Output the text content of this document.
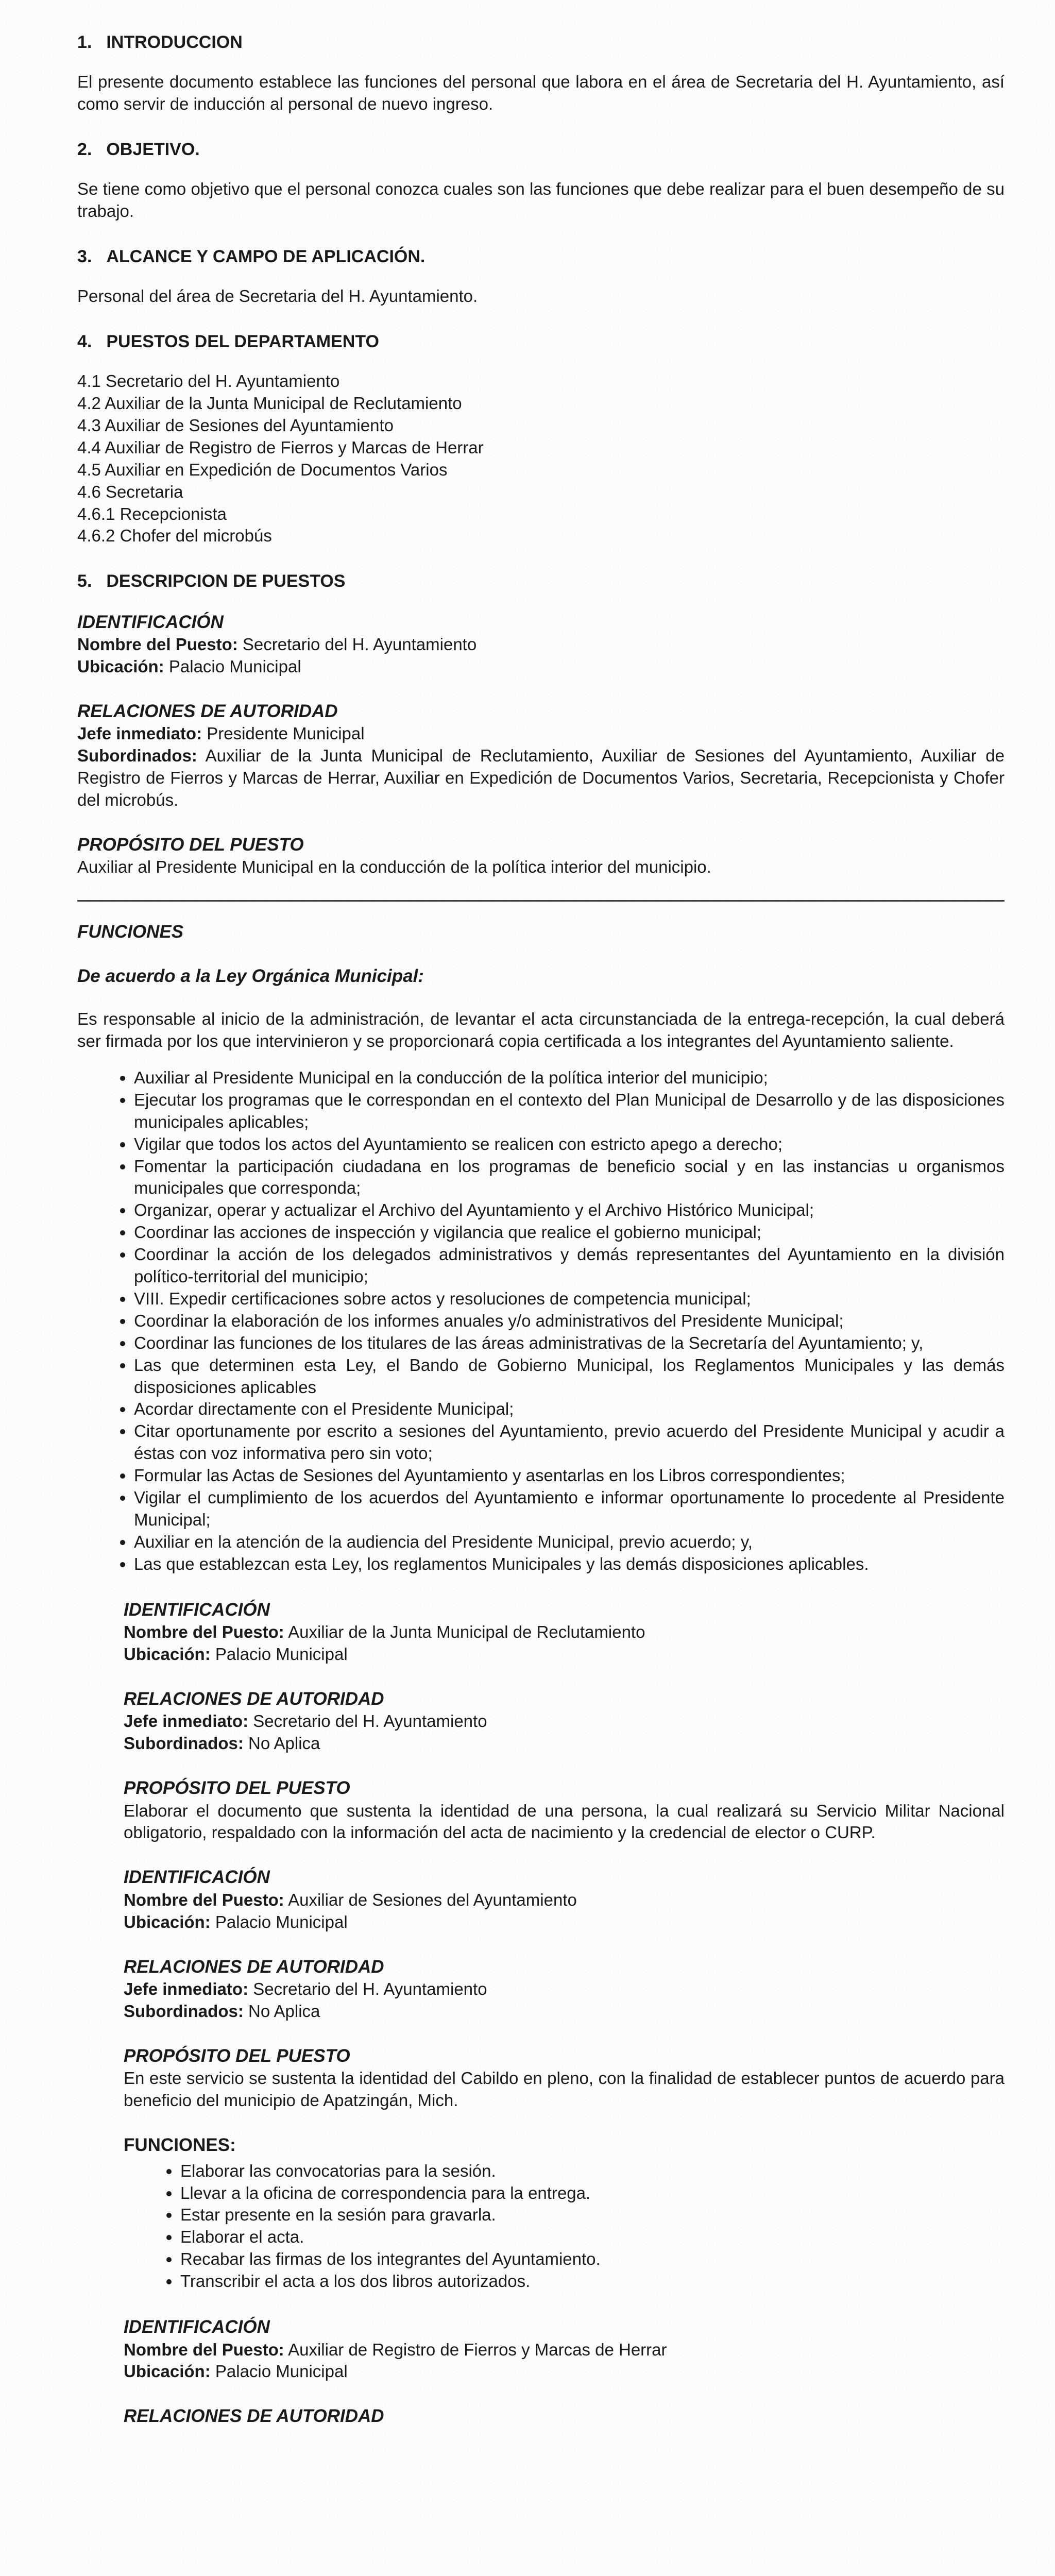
1. INTRODUCCION

El presente documento establece las funciones del personal que labora en el área de Secretaria del H. Ayuntamiento, así como servir de inducción al personal de nuevo ingreso.

2. OBJETIVO.

Se tiene como objetivo que el personal conozca cuales son las funciones que debe realizar para el buen desempeño de su trabajo.

3. ALCANCE Y CAMPO DE APLICACIÓN.

Personal del área de Secretaria del H. Ayuntamiento.

4. PUESTOS DEL DEPARTAMENTO
4.1 Secretario del H. Ayuntamiento
4.2 Auxiliar de la Junta Municipal de Reclutamiento
4.3 Auxiliar de Sesiones del Ayuntamiento
4.4 Auxiliar de Registro de Fierros y Marcas de Herrar
4.5 Auxiliar en Expedición de Documentos Varios
4.6 Secretaria
4.6.1 Recepcionista
4.6.2 Chofer del microbús
5. DESCRIPCION DE PUESTOS
IDENTIFICACIÓN
Nombre del Puesto: Secretario del H. Ayuntamiento
Ubicación: Palacio Municipal
RELACIONES DE AUTORIDAD
Jefe inmediato: Presidente Municipal
Subordinados: Auxiliar de la Junta Municipal de Reclutamiento, Auxiliar de Sesiones del Ayuntamiento, Auxiliar de Registro de Fierros y Marcas de Herrar, Auxiliar en Expedición de Documentos Varios, Secretaria, Recepcionista y Chofer del microbús.
PROPÓSITO DEL PUESTO
Auxiliar al Presidente Municipal en la conducción de la política interior del municipio.
FUNCIONES
De acuerdo a la Ley Orgánica Municipal:

Es responsable al inicio de la administración, de levantar el acta circunstanciada de la entrega-recepción, la cual deberá ser firmada por los que intervinieron y se proporcionará copia certificada a los integrantes del Ayuntamiento saliente.

• Auxiliar al Presidente Municipal en la conducción de la política interior del municipio;
• Ejecutar los programas que le correspondan en el contexto del Plan Municipal de Desarrollo y de las disposiciones municipales aplicables;
• Vigilar que todos los actos del Ayuntamiento se realicen con estricto apego a derecho;
• Fomentar la participación ciudadana en los programas de beneficio social y en las instancias u organismos municipales que corresponda;
• Organizar, operar y actualizar el Archivo del Ayuntamiento y el Archivo Histórico Municipal;
• Coordinar las acciones de inspección y vigilancia que realice el gobierno municipal;
• Coordinar la acción de los delegados administrativos y demás representantes del Ayuntamiento en la división político-territorial del municipio;
• VIII. Expedir certificaciones sobre actos y resoluciones de competencia municipal;
• Coordinar la elaboración de los informes anuales y/o administrativos del Presidente Municipal;
• Coordinar las funciones de los titulares de las áreas administrativas de la Secretaría del Ayuntamiento; y,
• Las que determinen esta Ley, el Bando de Gobierno Municipal, los Reglamentos Municipales y las demás disposiciones aplicables
• Acordar directamente con el Presidente Municipal;
• Citar oportunamente por escrito a sesiones del Ayuntamiento, previo acuerdo del Presidente Municipal y acudir a éstas con voz informativa pero sin voto;
• Formular las Actas de Sesiones del Ayuntamiento y asentarlas en los Libros correspondientes;
• Vigilar el cumplimiento de los acuerdos del Ayuntamiento e informar oportunamente lo procedente al Presidente Municipal;
• Auxiliar en la atención de la audiencia del Presidente Municipal, previo acuerdo; y,
• Las que establezcan esta Ley, los reglamentos Municipales y las demás disposiciones aplicables.
IDENTIFICACIÓN
Nombre del Puesto: Auxiliar de la Junta Municipal de Reclutamiento
Ubicación: Palacio Municipal
RELACIONES DE AUTORIDAD
Jefe inmediato: Secretario del H. Ayuntamiento
Subordinados: No Aplica
PROPÓSITO DEL PUESTO
Elaborar el documento que sustenta la identidad de una persona, la cual realizará su Servicio Militar Nacional obligatorio, respaldado con la información del acta de nacimiento y la credencial de elector o CURP.
IDENTIFICACIÓN
Nombre del Puesto: Auxiliar de Sesiones del Ayuntamiento
Ubicación: Palacio Municipal
RELACIONES DE AUTORIDAD
Jefe inmediato: Secretario del H. Ayuntamiento
Subordinados: No Aplica
PROPÓSITO DEL PUESTO
En este servicio se sustenta la identidad del Cabildo en pleno, con la finalidad de establecer puntos de acuerdo para beneficio del municipio de Apatzingán, Mich.
FUNCIONES:
• Elaborar las convocatorias para la sesión.
• Llevar a la oficina de correspondencia para la entrega.
• Estar presente en la sesión para gravarla.
• Elaborar el acta.
• Recabar las firmas de los integrantes del Ayuntamiento.
• Transcribir el acta a los dos libros autorizados.
IDENTIFICACIÓN
Nombre del Puesto: Auxiliar de Registro de Fierros y Marcas de Herrar
Ubicación: Palacio Municipal
RELACIONES DE AUTORIDAD
